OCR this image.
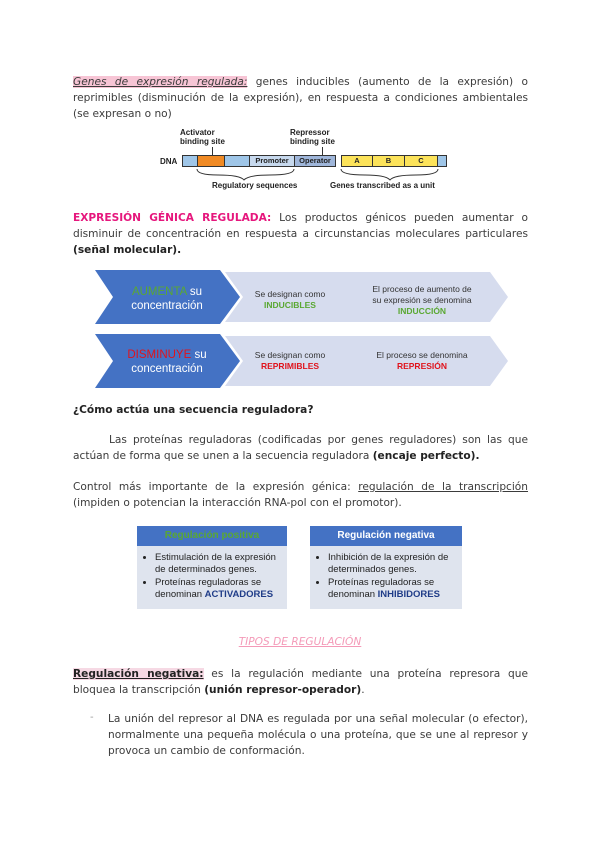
Genes de expresión regulada: genes inducibles (aumento de la expresión) o reprimibles (disminución de la expresión), en respuesta a condiciones ambientales (se expresan o no)
Activator
binding site
Repressor
binding site
DNA	Promoter	Operator	A	B	C
Regulatory sequences	Genes transcribed as a unit
EXPRESIÓN GÉNICA REGULADA: Los productos génicos pueden aumentar o disminuir de concentración en respuesta a circunstancias moleculares particulares (señal molecular).
AUMENTA su
concentración
Se designan como
INDUCIBLES
El proceso de aumento de
su expresión se denomina
INDUCCIÓN
DISMINUYE su
concentración
Se designan como
REPRIMIBLES
El proceso se denomina
REPRESIÓN
¿Cómo actúa una secuencia reguladora?
Las proteínas reguladoras (codificadas por genes reguladores) son las que actúan de forma que se unen a la secuencia reguladora (encaje perfecto).
Control más importante de la expresión génica: regulación de la transcripción (impiden o potencian la interacción RNA-pol con el promotor).
Regulación positiva
• Estimulación de la expresión de determinados genes.
• Proteínas reguladoras se denominan ACTIVADORES
Regulación negativa
• Inhibición de la expresión de determinados genes.
• Proteínas reguladoras se denominan INHIBIDORES
TIPOS DE REGULACIÓN
Regulación negativa: es la regulación mediante una proteína represora que bloquea la transcripción (unión represor-operador).
- La unión del represor al DNA es regulada por una señal molecular (o efector), normalmente una pequeña molécula o una proteína, que se une al represor y provoca un cambio de conformación.
